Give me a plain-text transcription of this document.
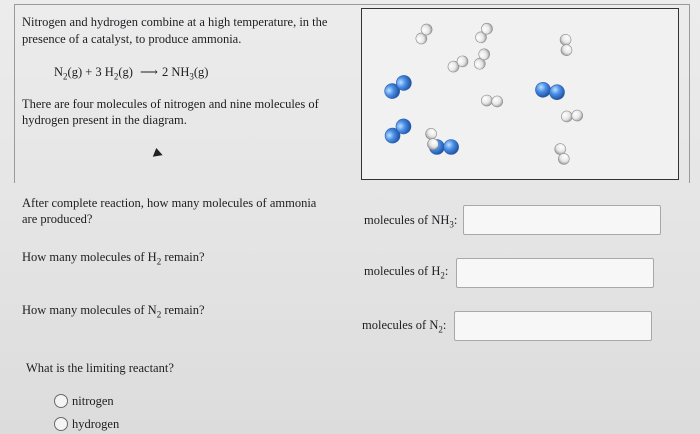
Nitrogen and hydrogen combine at a high temperature, in the
presence of a catalyst, to produce ammonia.
$N_2(g) + 3$ $H_2(g)$ ⟶ 2 $NH_3(g)$
There are four molecules of nitrogen and nine molecules of
hydrogen present in the diagram.
After complete reaction, how many molecules of ammonia
are produced?
How many molecules of $H_2$ remain?
How many molecules of $N_2$ remain?
What is the limiting reactant?
molecules of $NH_3$:
molecules of $H_2$:
molecules of $N_2$:
nitrogen
hydrogen
